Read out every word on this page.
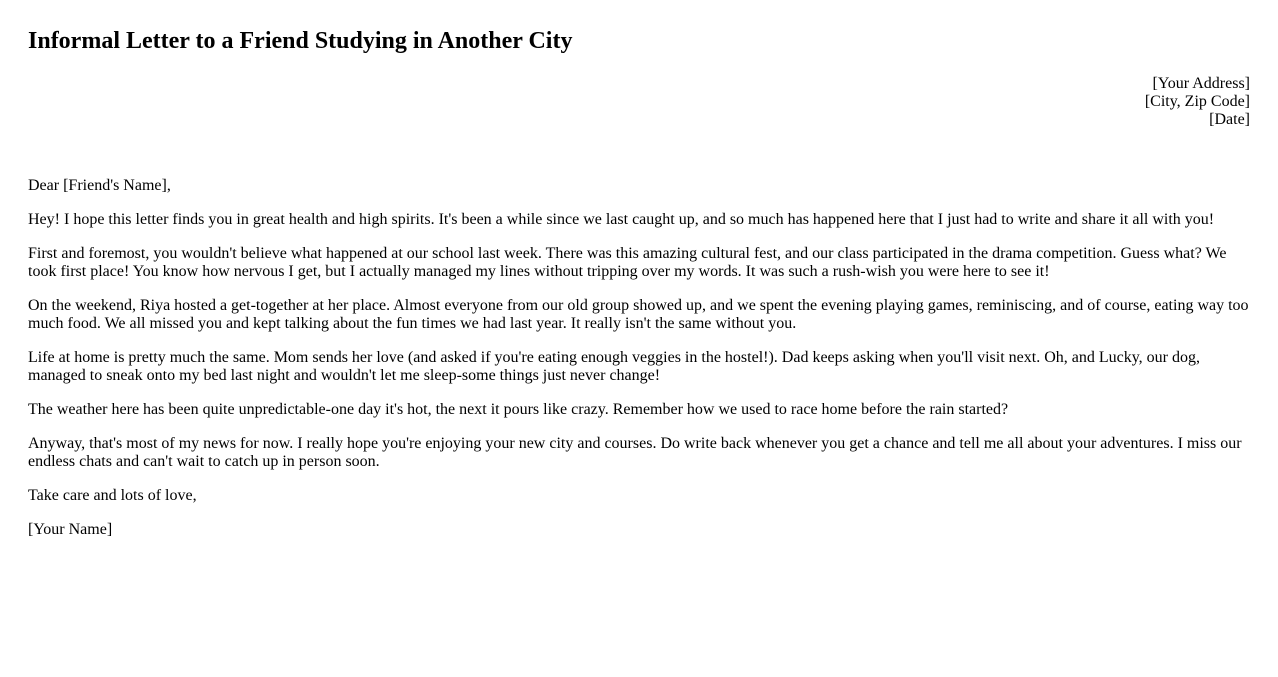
Informal Letter to a Friend Studying in Another City
[Your Address]
[City, Zip Code]
[Date]

Dear [Friend's Name],

Hey! I hope this letter finds you in great health and high spirits. It's been a while since we last caught up, and so much has happened here that I just had to write and share it all with you!

First and foremost, you wouldn't believe what happened at our school last week. There was this amazing cultural fest, and our class participated in the drama competition. Guess what? We took first place! You know how nervous I get, but I actually managed my lines without tripping over my words. It was such a rush-wish you were here to see it!

On the weekend, Riya hosted a get-together at her place. Almost everyone from our old group showed up, and we spent the evening playing games, reminiscing, and of course, eating way too much food. We all missed you and kept talking about the fun times we had last year. It really isn't the same without you.

Life at home is pretty much the same. Mom sends her love (and asked if you're eating enough veggies in the hostel!). Dad keeps asking when you'll visit next. Oh, and Lucky, our dog, managed to sneak onto my bed last night and wouldn't let me sleep-some things just never change!

The weather here has been quite unpredictable-one day it's hot, the next it pours like crazy. Remember how we used to race home before the rain started?

Anyway, that's most of my news for now. I really hope you're enjoying your new city and courses. Do write back whenever you get a chance and tell me all about your adventures. I miss our endless chats and can't wait to catch up in person soon.

Take care and lots of love,

[Your Name]
